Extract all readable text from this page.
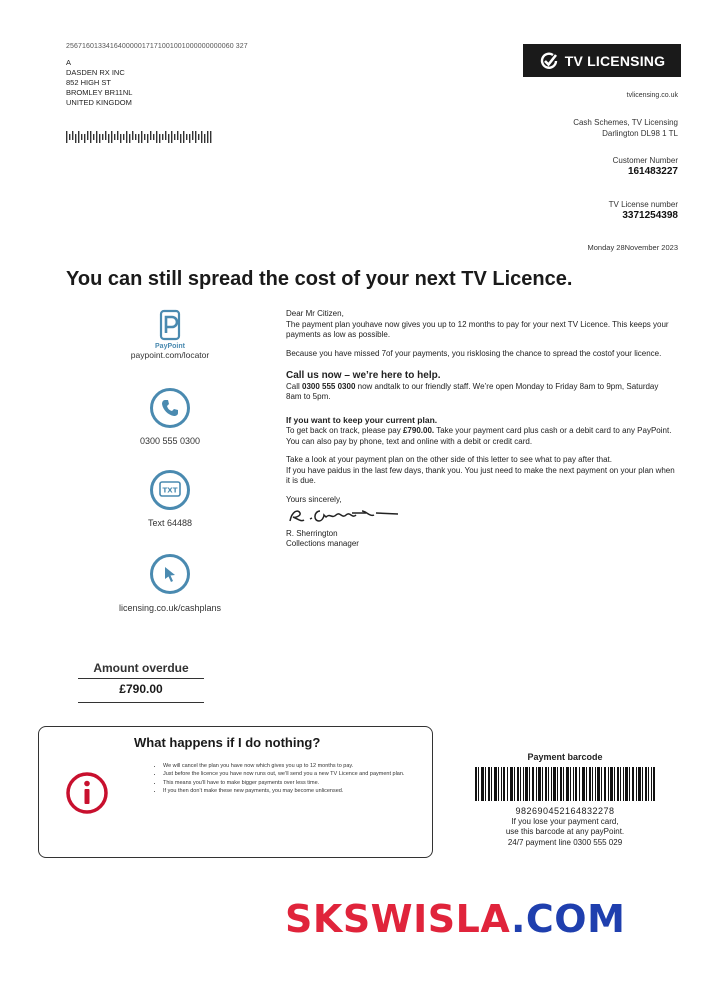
256716013341640000017171001001000000000060 327
A
DASDEN RX INC
852 HIGH ST
BROMLEY BR11NL
UNITED KINGDOM
TV LICENSING
tvlicensing.co.uk
Cash Schemes, TV Licensing
Darlington DL98 1 TL
Customer Number
161483227
TV License number
3371254398
Monday 28November 2023
You can still spread the cost of your next TV Licence.
PayPoint
paypoint.com/locator
0300 555 0300
TXT
Text 64488
licensing.co.uk/cashplans

Dear Mr Citizen,
The payment plan youhave now gives you up to 12 months to pay for your next TV Licence. This keeps your payments as low as possible.

Because you have missed 7of your payments, you risklosing the chance to spread the costof your licence.

Call us now – we’re here to help.
Call 0300 555 0300 now andtalk to our friendly staff. We’re open Monday to Friday 8am to 9pm, Saturday 8am to 5pm.

If you want to keep your current plan.
To get back on track, please pay £790.00. Take your payment card plus cash or a debit card to any PayPoint. You can also pay by phone, text and online with a debit or credit card.

Take a look at your payment plan on the other side of this letter to see what to pay after that.
If you have paidus in the last few days, thank you. You just need to make the next payment on your plan when it is due.

Yours sincerely,
R. Sherrington
Collections manager
Amount overdue
£790.00
What happens if I do nothing?
• We will cancel the plan you have now which gives you up to 12 months to pay.
• Just before the licence you have now runs out, we’ll send you a new TV Licence and payment plan.
• This means you’ll have to make bigger payments over less time.
• If you then don’t make these new payments, you may become unlicensed.
Payment barcode
982690452164832278
If you lose your payment card,
use this barcode at any payPoint.
24/7 payment line 0300 555 029
SKSWISLA.COM
